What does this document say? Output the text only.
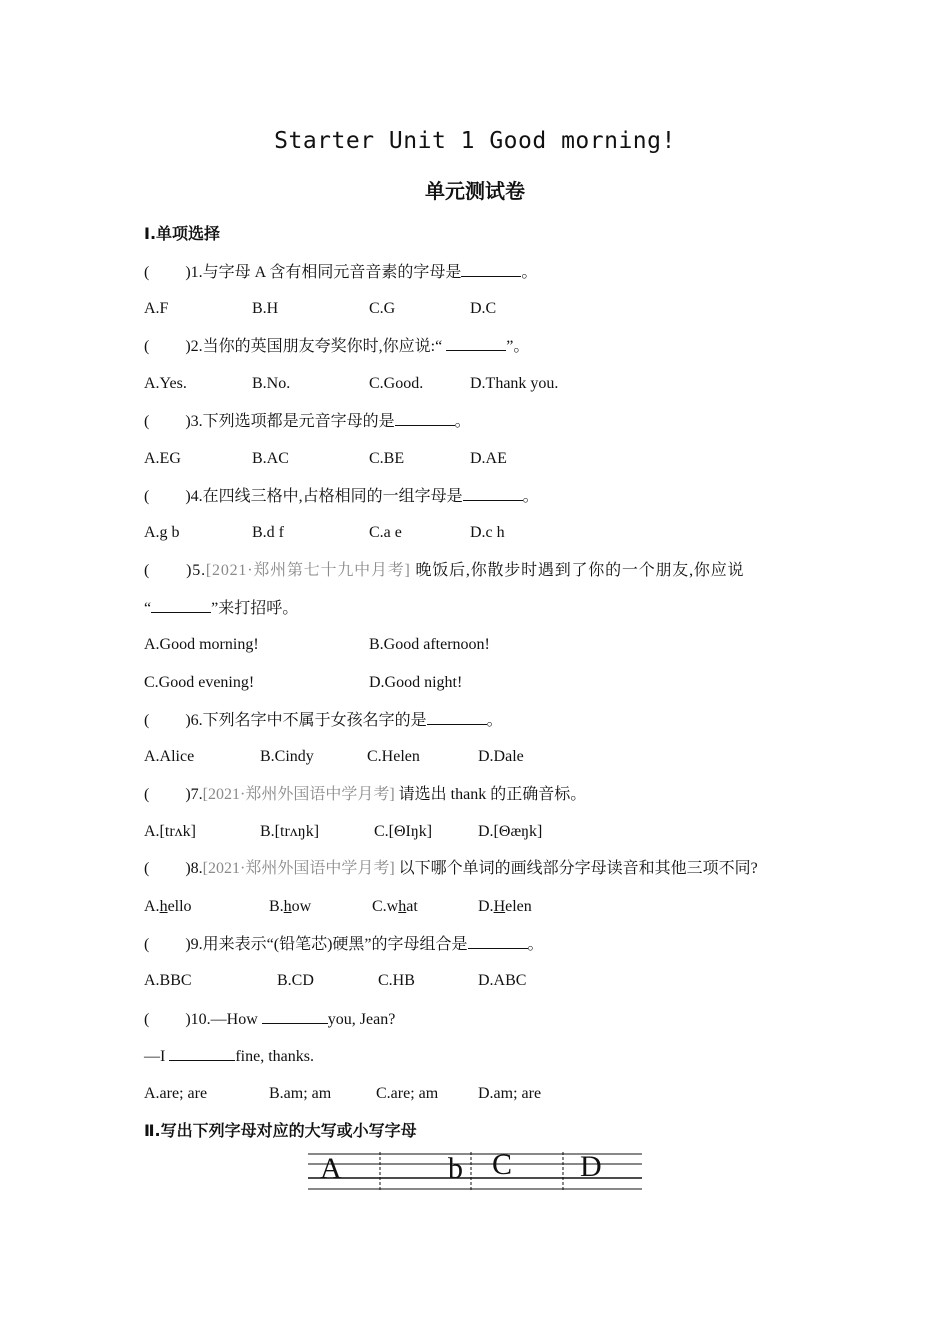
Starter Unit 1 Good morning!
单元测试卷
Ⅰ.单项选择
( )1.与字母 A 含有相同元音音素的字母是	。
A.F	B.H	C.G	D.C
( )2.当你的英国朋友夸奖你时,你应说:“	”。
A.Yes.	B.No.	C.Good.	D.Thank you.
( )3.下列选项都是元音字母的是	。
A.EG	B.AC	C.BE	D.AE
( )4.在四线三格中,占格相同的一组字母是	。
A.g b	B.d f	C.a e	D.c h
( )5.[2021·郑州第七十九中月考] 晚饭后,你散步时遇到了你的一个朋友,你应说
“	”来打招呼。
A.Good morning!	B.Good afternoon!
C.Good evening!	D.Good night!
( )6.下列名字中不属于女孩名字的是	。
A.Alice	B.Cindy	C.Helen	D.Dale
( )7.[2021·郑州外国语中学月考] 请选出 thank 的正确音标。
A.[trʌk]	B.[trʌŋk]	C.[ΘIŋk]	D.[Θæŋk]
( )8.[2021·郑州外国语中学月考] 以下哪个单词的画线部分字母读音和其他三项不同?
A.hello	B.how	C.what	D.Helen
( )9.用来表示“(铅笔芯)硬黑”的字母组合是	。
A.BBC	B.CD	C.HB	D.ABC
( )10.—How	you, Jean?
—I	fine, thanks.
A.are; are	B.am; am	C.are; am D.am; are
Ⅱ.写出下列字母对应的大写或小写字母
A	b C D
